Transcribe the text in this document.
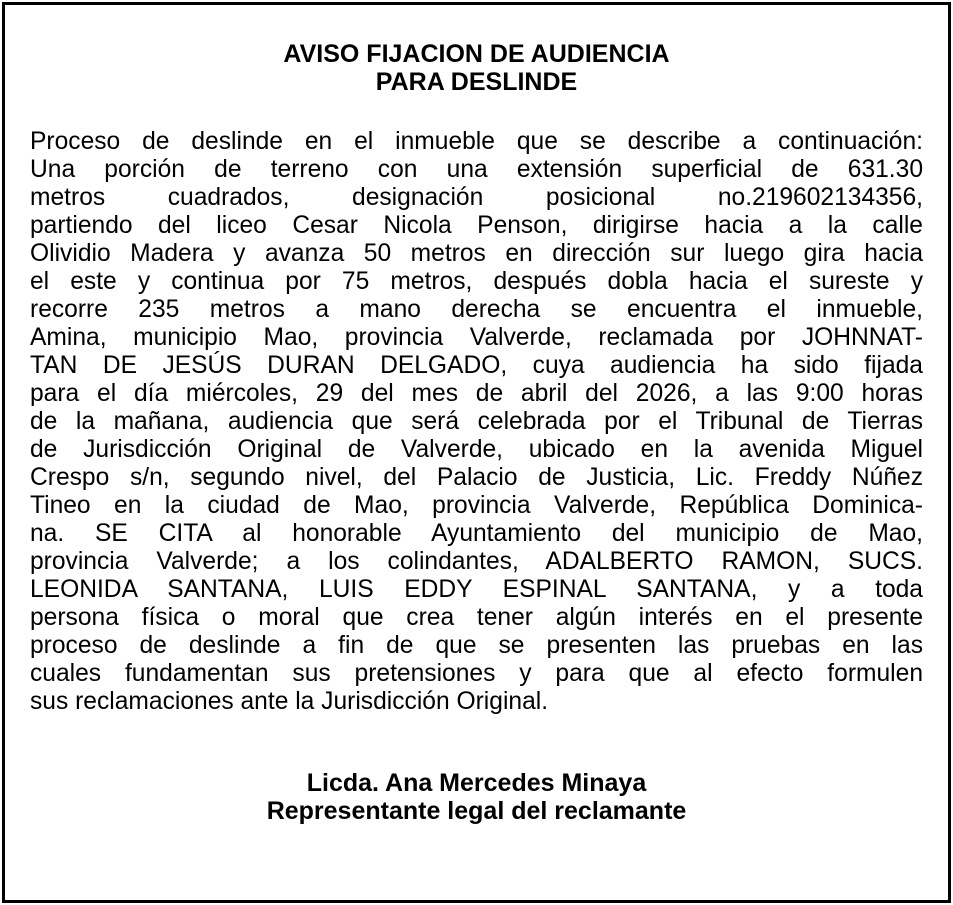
AVISO FIJACION DE AUDIENCIA
PARA DESLINDE

Proceso de deslinde en el inmueble que se describe a continuación:
Una porción de terreno con una extensión superficial de 631.30
metros cuadrados, designación posicional no.219602134356,
partiendo del liceo Cesar Nicola Penson, dirigirse hacia a la calle
Olividio Madera y avanza 50 metros en dirección sur luego gira hacia
el este y continua por 75 metros, después dobla hacia el sureste y
recorre 235 metros a mano derecha se encuentra el inmueble,
Amina, municipio Mao, provincia Valverde, reclamada por JOHNNAT-
TAN DE JESÚS DURAN DELGADO, cuya audiencia ha sido fijada
para el día miércoles, 29 del mes de abril del 2026, a las 9:00 horas
de la mañana, audiencia que será celebrada por el Tribunal de Tierras
de Jurisdicción Original de Valverde, ubicado en la avenida Miguel
Crespo s/n, segundo nivel, del Palacio de Justicia, Lic. Freddy Núñez
Tineo en la ciudad de Mao, provincia Valverde, República Dominica-
na. SE CITA al honorable Ayuntamiento del municipio de Mao,
provincia Valverde; a los colindantes, ADALBERTO RAMON, SUCS.
LEONIDA SANTANA, LUIS EDDY ESPINAL SANTANA, y a toda
persona física o moral que crea tener algún interés en el presente
proceso de deslinde a fin de que se presenten las pruebas en las
cuales fundamentan sus pretensiones y para que al efecto formulen
sus reclamaciones ante la Jurisdicción Original.

Licda. Ana Mercedes Minaya
Representante legal del reclamante
